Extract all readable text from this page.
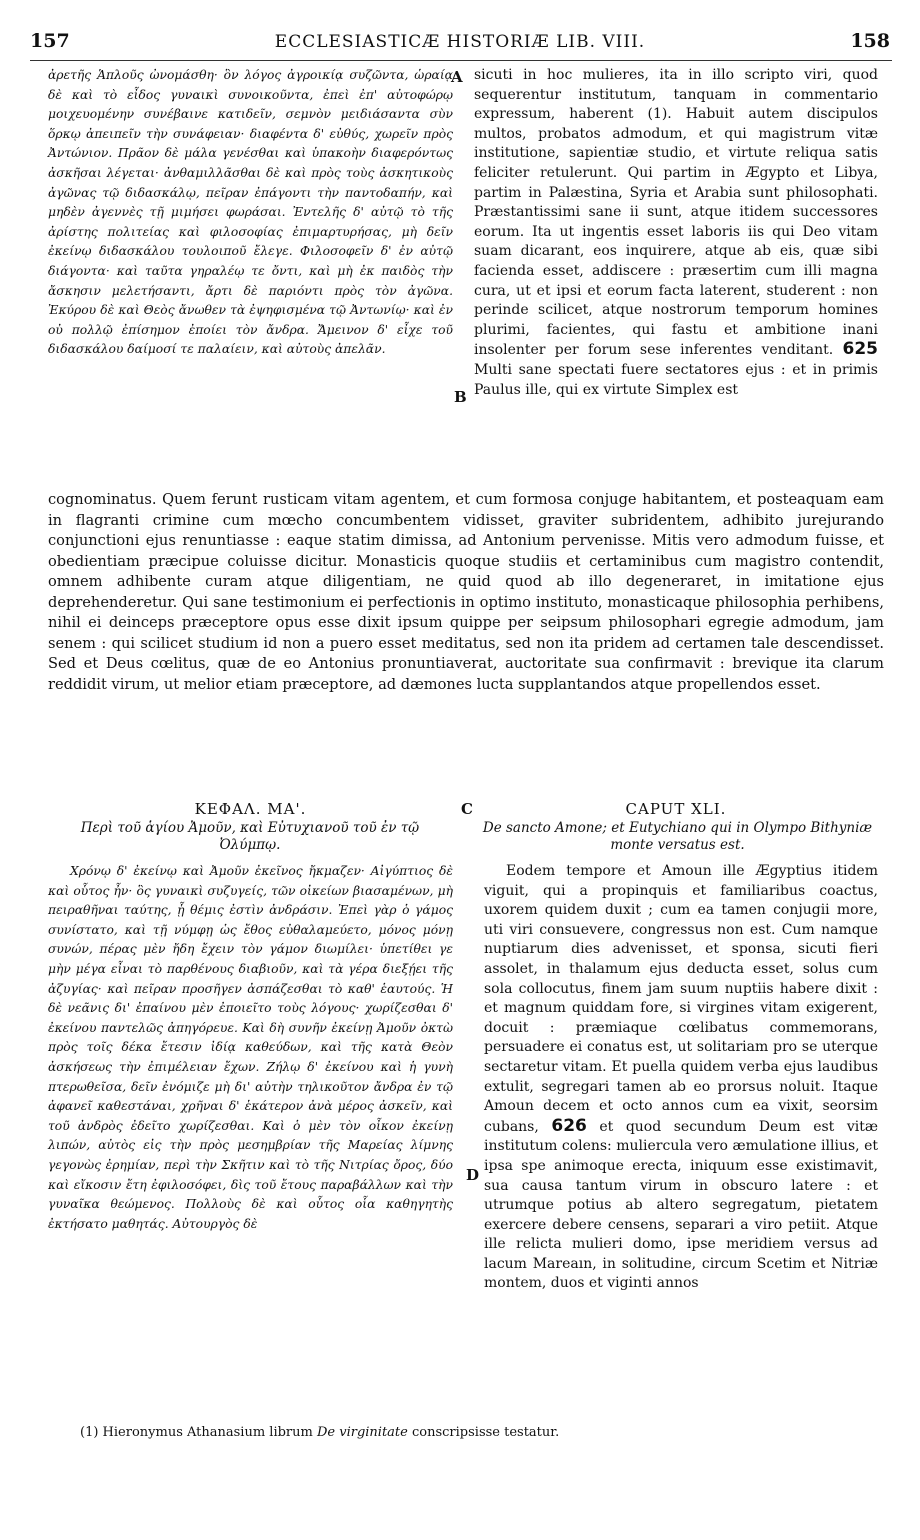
157	ECCLESIASTICÆ HISTORIÆ LIB. VIII.	158

ἀρετῆς Ἁπλοῦς ὠνομάσθη· ὃν λόγος ἀγροικίᾳ συζῶντα, ὡραίᾳ δὲ καὶ τὸ εἶδος γυναικὶ συνοικοῦντα, ἐπεὶ ἐπ' αὐτοφώρῳ μοιχευομένην συνέβαινε κατιδεῖν, σεμνὸν μειδιάσαντα σὺν ὅρκῳ ἀπειπεῖν τὴν συνάφειαν· διαφέντα δ' εὐθύς, χωρεῖν πρὸς Ἀντώνιον. Πρᾶον δὲ μάλα γενέσθαι καὶ ὑπακοὴν διαφερόντως ἀσκῆσαι λέγεται· ἀνθαμιλλᾶσθαι δὲ καὶ πρὸς τοὺς ἀσκητικοὺς ἀγῶνας τῷ διδασκάλῳ, πεῖραν ἐπάγοντι τὴν παντοδαπήν, καὶ μηδὲν ἀγεννὲς τῇ μιμήσει φωράσαι. Ἐντελῆς δ' αὐτῷ τὸ τῆς ἀρίστης πολιτείας καὶ φιλοσοφίας ἐπιμαρτυρήσας, μὴ δεῖν ἐκείνῳ διδασκάλου τουλοιποῦ ἔλεγε. Φιλοσοφεῖν δ' ἐν αὐτῷ διάγοντα· καὶ ταῦτα γηραλέῳ τε ὄντι, καὶ μὴ ἐκ παιδὸς τὴν ἄσκησιν μελετήσαντι, ἄρτι δὲ παριόντι πρὸς τὸν ἀγῶνα. Ἐκύρου δὲ καὶ Θεὸς ἄνωθεν τὰ ἐψηφισμένα τῷ Ἀντωνίῳ· καὶ ἐν οὐ πολλῷ ἐπίσημον ἐποίει τὸν ἄνδρα. Ἄμεινον δ' εἶχε τοῦ διδασκάλου δαίμοσί τε παλαίειν, καὶ αὐτοὺς ἀπελᾶν.

A
B

sicuti in hoc mulieres, ita in illo scripto viri, quod sequerentur institutum, tanquam in commentario expressum, haberent (1). Habuit autem discipulos multos, probatos admodum, et qui magistrum vitæ institutione, sapientiæ studio, et virtute reliqua satis feliciter retulerunt. Qui partim in Ægypto et Libya, partim in Palæstina, Syria et Arabia sunt philosophati. Præstantissimi sane ii sunt, atque itidem successores eorum. Ita ut ingentis esset laboris iis qui Deo vitam suam dicarant, eos inquirere, atque ab eis, quæ sibi facienda esset, addiscere : præsertim cum illi magna cura, ut et ipsi et eorum facta laterent, studerent : non perinde scilicet, atque nostrorum temporum homines plurimi, facientes, qui fastu et ambitione inani insolenter per forum sese inferentes venditant. 625 Multi sane spectati fuere sectatores ejus : et in primis Paulus ille, qui ex virtute Simplex est

cognominatus. Quem ferunt rusticam vitam agentem, et cum formosa conjuge habitantem, et posteaquam eam in flagranti crimine cum mœcho concumbentem vidisset, graviter subridentem, adhibito jurejurando conjunctioni ejus renuntiasse : eaque statim dimissa, ad Antonium pervenisse. Mitis vero admodum fuisse, et obedientiam præcipue coluisse dicitur. Monasticis quoque studiis et certaminibus cum magistro contendit, omnem adhibente curam atque diligentiam, ne quid quod ab illo degeneraret, in imitatione ejus deprehenderetur. Qui sane testimonium ei perfectionis in optimo instituto, monasticaque philosophia perhibens, nihil ei deinceps præceptore opus esse dixit ipsum quippe per seipsum philosophari egregie admodum, jam senem : qui scilicet studium id non a puero esset meditatus, sed non ita pridem ad certamen tale descendisset. Sed et Deus cœlitus, quæ de eo Antonius pronuntiaverat, auctoritate sua confirmavit : brevique ita clarum reddidit virum, ut melior etiam præceptore, ad dæmones lucta supplantandos atque propellendos esset.
ΚΕΦΑΛ. ΜΑ'.	C	CAPUT XLI.
Περὶ τοῦ ἁγίου Ἀμοῦν, καὶ Εὐτυχιανοῦ τοῦ ἐν τῷ Ὀλύμπῳ.
De sancto Amone; et Eutychiano qui in Olympo Bithyniæ monte versatus est.

Χρόνῳ δ' ἐκείνῳ καὶ Ἀμοῦν ἐκεῖνος ἤκμαζεν· Αἰγύπτιος δὲ καὶ οὗτος ἦν· ὃς γυναικὶ συζυγείς, τῶν οἰκείων βιασαμένων, μὴ πειραθῆναι ταύτης, ᾗ θέμις ἐστὶν ἀνδράσιν. Ἐπεὶ γὰρ ὁ γάμος συνίστατο, καὶ τῇ νύμφῃ ὡς ἔθος εὐθαλαμεύετο, μόνος μόνῃ συνών, πέρας μὲν ἤδη ἔχειν τὸν γάμον διωμίλει· ὑπετίθει γε μὴν μέγα εἶναι τὸ παρθένους διαβιοῦν, καὶ τὰ γέρα διεξῄει τῆς ἀζυγίας· καὶ πεῖραν προσῆγεν ἀσπάζεσθαι τὸ καθ' ἑαυτούς. Ἡ δὲ νεᾶνις δι' ἐπαίνου μὲν ἐποιεῖτο τοὺς λόγους· χωρίζεσθαι δ' ἐκείνου παντελῶς ἀπηγόρευε. Καὶ δὴ συνῆν ἐκείνῃ Ἀμοῦν ὀκτὼ πρὸς τοῖς δέκα ἔτεσιν ἰδίᾳ καθεύδων, καὶ τῆς κατὰ Θεὸν ἀσκήσεως τὴν ἐπιμέλειαν ἔχων. Ζήλῳ δ' ἐκείνου καὶ ἡ γυνὴ πτερωθεῖσα, δεῖν ἐνόμιζε μὴ δι' αὐτὴν τηλικοῦτον ἄνδρα ἐν τῷ ἀφανεῖ καθεστάναι, χρῆναι δ' ἑκάτερον ἀνὰ μέρος ἀσκεῖν, καὶ τοῦ ἀνδρὸς ἐδεῖτο χωρίζεσθαι. Καὶ ὁ μὲν τὸν οἶκον ἐκείνῃ λιπών, αὐτὸς εἰς τὴν πρὸς μεσημβρίαν τῆς Μαρείας λίμνης γεγονὼς ἐρημίαν, περὶ τὴν Σκῆτιν καὶ τὸ τῆς Νιτρίας ὄρος, δύο καὶ εἴκοσιν ἔτη ἐφιλοσόφει, δὶς τοῦ ἔτους παραβάλλων καὶ τὴν γυναῖκα θεώμενος. Πολλοὺς δὲ καὶ οὗτος οἷα καθηγητὴς ἐκτήσατο μαθητάς. Αὐτουργὸς δὲ

D

Eodem tempore et Amoun ille Ægyptius itidem viguit, qui a propinquis et familiaribus coactus, uxorem quidem duxit ; cum ea tamen conjugii more, uti viri consuevere, congressus non est. Cum namque nuptiarum dies advenisset, et sponsa, sicuti fieri assolet, in thalamum ejus deducta esset, solus cum sola collocutus, finem jam suum nuptiis habere dixit : et magnum quiddam fore, si virgines vitam exigerent, docuit : præmiaque cœlibatus commemorans, persuadere ei conatus est, ut solitariam pro se uterque sectaretur vitam. Et puella quidem verba ejus laudibus extulit, segregari tamen ab eo prorsus noluit. Itaque Amoun decem et octo annos cum ea vixit, seorsim cubans, 626 et quod secundum Deum est vitæ institutum colens: muliercula vero æmulatione illius, et ipsa spe animoque erecta, iniquum esse existimavit, sua causa tantum virum in obscuro latere : et utrumque potius ab altero segregatum, pietatem exercere debere censens, separari a viro petiit. Atque ille relicta mulieri domo, ipse meridiem versus ad lacum Mareaın, in solitudine, circum Scetim et Nitriæ montem, duos et viginti annos

(1) Hieronymus Athanasium librum De virginitate conscripsisse testatur.
